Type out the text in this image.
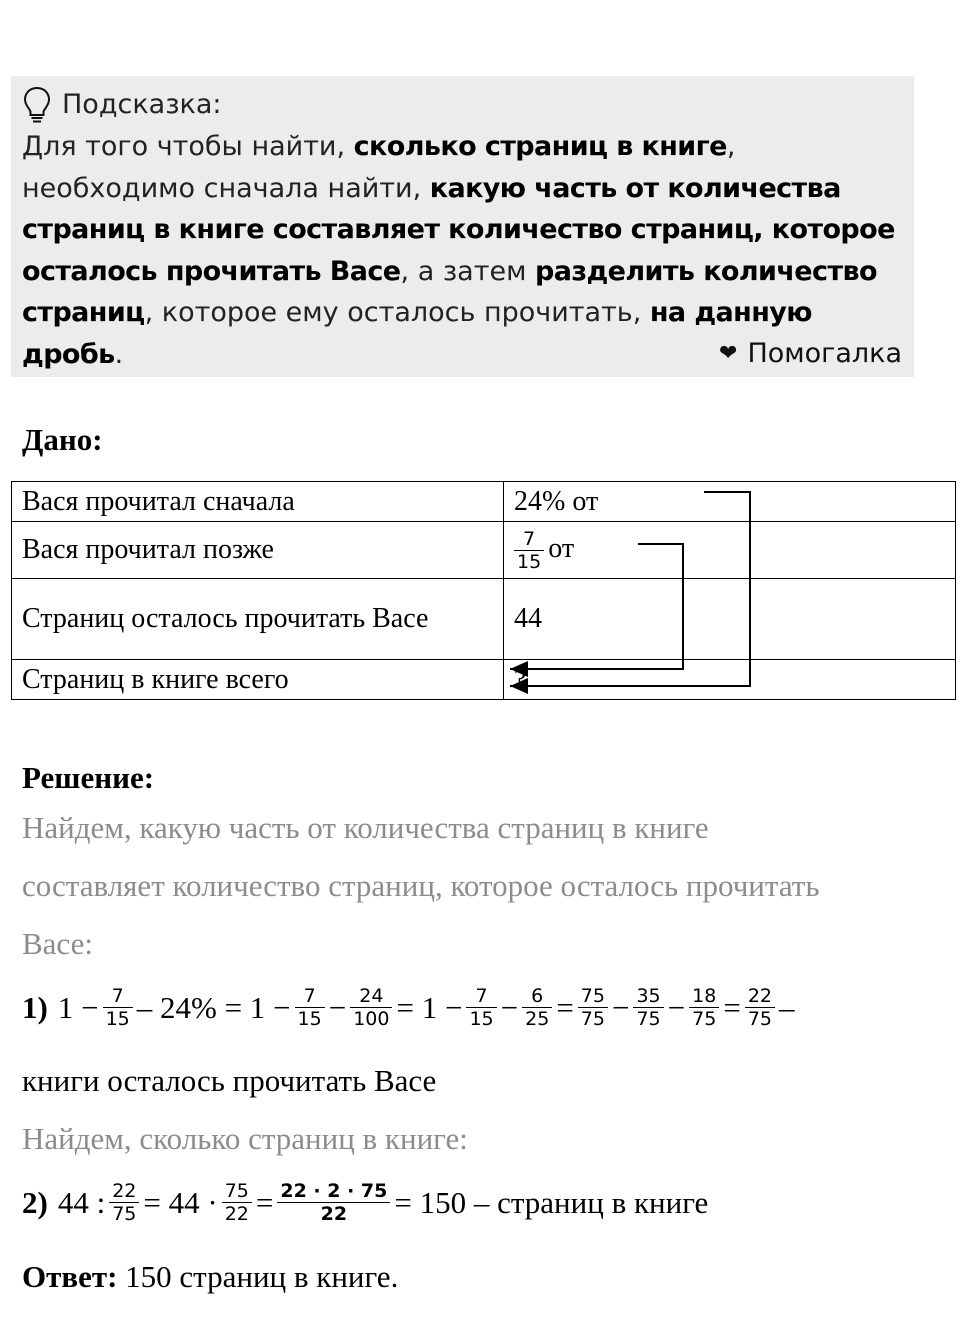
Подсказка:
Для того чтобы найти, сколько страниц в книге, необходимо сначала найти, какую часть от количества страниц в книге составляет количество страниц, которое осталось прочитать Васе, а затем разделить количество страниц, которое ему осталось прочитать, на данную дробь.	❤ Помогалка
Дано:
Вася прочитал сначала	24% от
Вася прочитал позже	$\frac{7}{15}$ от
Страниц осталось прочитать Васе	44
Страниц в книге всего	?
Решение:
Найдем, какую часть от количества страниц в книге
составляет количество страниц, которое осталось прочитать
Васе:
1) $1 - \frac{7}{15} - 24\% = 1 - \frac{7}{15} - \frac{24}{100} = 1 - \frac{7}{15} - \frac{6}{25} = \frac{75}{75} - \frac{35}{75} - \frac{18}{75} = \frac{22}{75}$ –
книги осталось прочитать Васе
Найдем, сколько страниц в книге:
2) 44 : $\frac{22}{75} = 44 \cdot \frac{75}{22} = \frac{22 \cdot 2 \cdot 75}{22} = 150$ – страниц в книге
Ответ: 150 страниц в книге.
